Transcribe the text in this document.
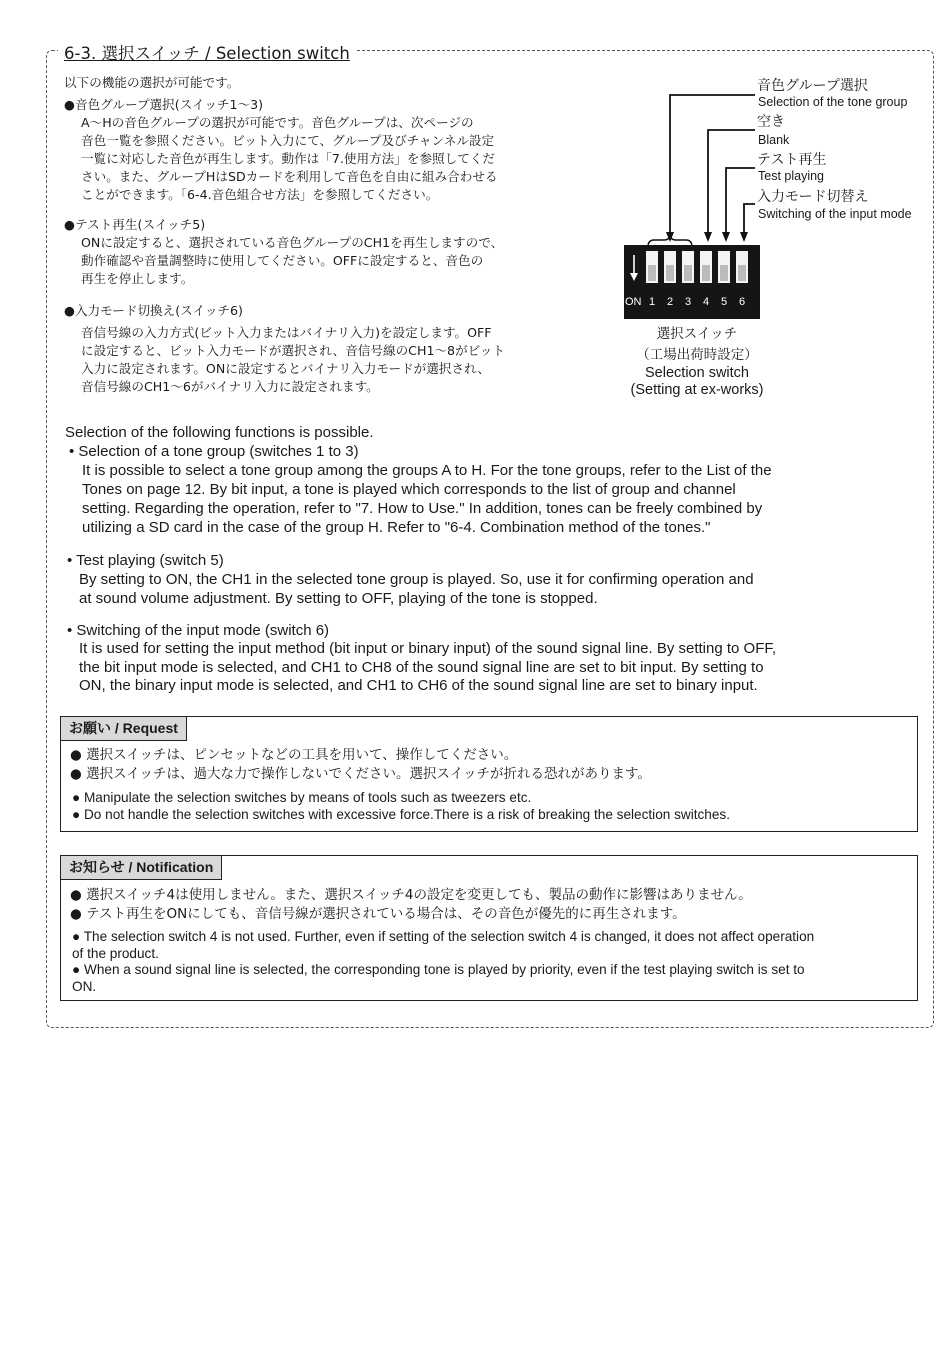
6-3. 選択スイッチ / Selection switch

以下の機能の選択が可能です。

●音色グループ選択(スイッチ1～3)

A～Hの音色グループの選択が可能です。音色グループは、次ページの
音色一覧を参照ください。ビット入力にて、グループ及びチャンネル設定
一覧に対応した音色が再生します。動作は「7.使用方法」を参照してくだ
さい。また、グループHはSDカードを利用して音色を自由に組み合わせる
ことができます。「6-4.音色組合せ方法」を参照してください。

●テスト再生(スイッチ5)

ONに設定すると、選択されている音色グループのCH1を再生しますので、
動作確認や音量調整時に使用してください。OFFに設定すると、音色の
再生を停止します。

●入力モード切換え(スイッチ6)

音信号線の入力方式(ビット入力またはバイナリ入力)を設定します。OFF
に設定すると、ビット入力モードが選択され、音信号線のCH1～8がビット
入力に設定されます。ONに設定するとバイナリ入力モードが選択され、
音信号線のCH1～6がバイナリ入力に設定されます。

ON 1 2 3 4 5 6
音色グループ選択
Selection of the tone group
空き
Blank
テスト再生
Test playing
入力モード切替え
Switching of the input mode
選択スイッチ
（工場出荷時設定）
Selection switch
(Setting at ex-works)

Selection of the following functions is possible.

• Selection of a tone group (switches 1 to 3)

It is possible to select a tone group among the groups A to H. For the tone groups, refer to the List of the
Tones on page 12. By bit input, a tone is played which corresponds to the list of group and channel
setting. Regarding the operation, refer to "7. How to Use." In addition, tones can be freely combined by
utilizing a SD card in the case of the group H. Refer to "6-4. Combination method of the tones."

• Test playing (switch 5)

By setting to ON, the CH1 in the selected tone group is played. So, use it for confirming operation and
at sound volume adjustment. By setting to OFF, playing of the tone is stopped.

• Switching of the input mode (switch 6)

It is used for setting the input method (bit input or binary input) of the sound signal line. By setting to OFF,
the bit input mode is selected, and CH1 to CH8 of the sound signal line are set to bit input. By setting to
ON, the binary input mode is selected, and CH1 to CH6 of the sound signal line are set to binary input.

お願い / Request
● 選択スイッチは、ピンセットなどの工具を用いて、操作してください。
● 選択スイッチは、過大な力で操作しないでください。選択スイッチが折れる恐れがあります。
● Manipulate the selection switches by means of tools such as tweezers etc.
● Do not handle the selection switches with excessive force.There is a risk of breaking the selection switches.
お知らせ / Notification
● 選択スイッチ4は使用しません。また、選択スイッチ4の設定を変更しても、製品の動作に影響はありません。
● テスト再生をONにしても、音信号線が選択されている場合は、その音色が優先的に再生されます。
● The selection switch 4 is not used. Further, even if setting of the selection switch 4 is changed, it does not affect operation
of the product.
● When a sound signal line is selected, the corresponding tone is played by priority, even if the test playing switch is set to
ON.
